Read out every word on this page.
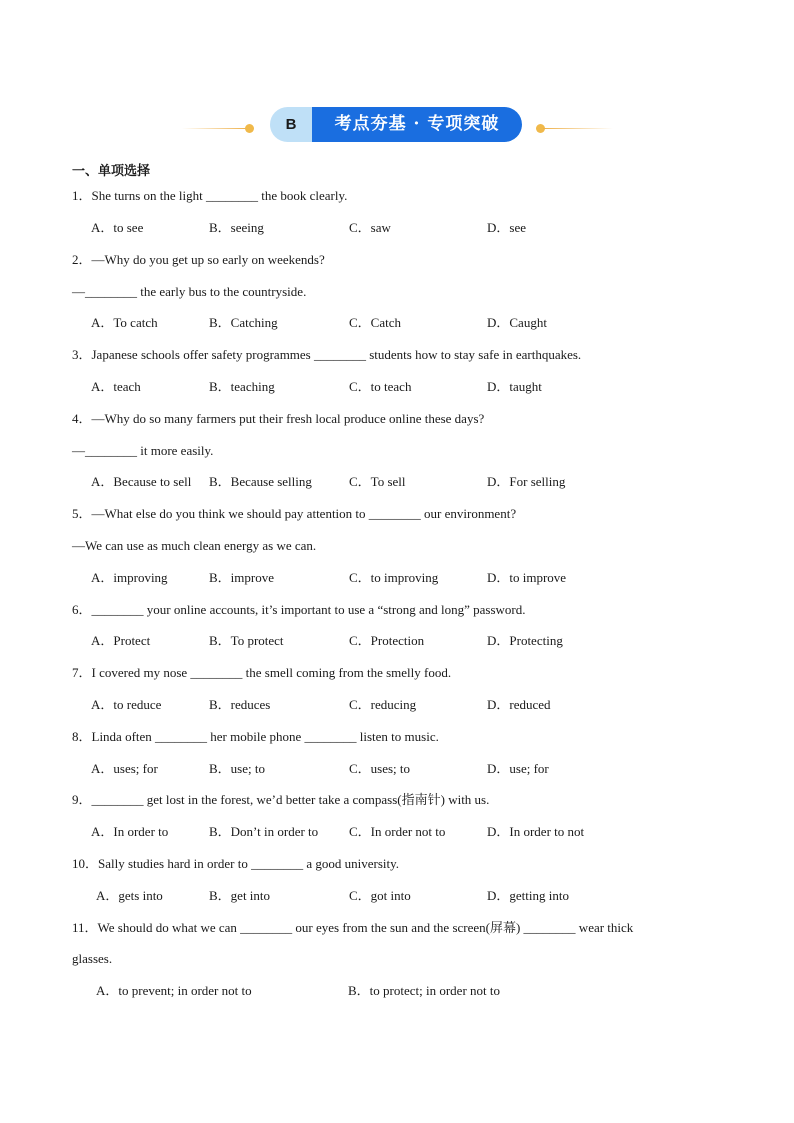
B	考点夯基 · 专项突破
一、单项选择
1．She turns on the light ________ the book clearly.
A．to see	B．seeing	C．saw	D．see
2．—Why do you get up so early on weekends?
—________ the early bus to the countryside.
A．To catch	B．Catching	C．Catch	D．Caught
3．Japanese schools offer safety programmes ________ students how to stay safe in earthquakes.
A．teach	B．teaching	C．to teach	D．taught
4．—Why do so many farmers put their fresh local produce online these days?
—________ it more easily.
A．Because to sell B．Because selling	C．To sell	D．For selling
5．—What else do you think we should pay attention to ________ our environment?
—We can use as much clean energy as we can.
A．improving	B．improve	C．to improving	D．to improve
6．________ your online accounts, it’s important to use a “strong and long” password.
A．Protect	B．To protect	C．Protection	D．Protecting
7．I covered my nose ________ the smell coming from the smelly food.
A．to reduce	B．reduces	C．reducing	D．reduced
8．Linda often ________ her mobile phone ________ listen to music.
A．uses; for	B．use; to	C．uses; to	D．use; for
9．________ get lost in the forest, we’d better take a compass(指南针) with us.
A．In order to	B．Don’t in order to C．In order not to	D．In order to not
10．Sally studies hard in order to ________ a good university.
A．gets into	B．get into	C．got into	D．getting into
11．We should do what we can ________ our eyes from the sun and the screen(屏幕) ________ wear thick
glasses.
A．to prevent; in order not to	B．to protect; in order not to
